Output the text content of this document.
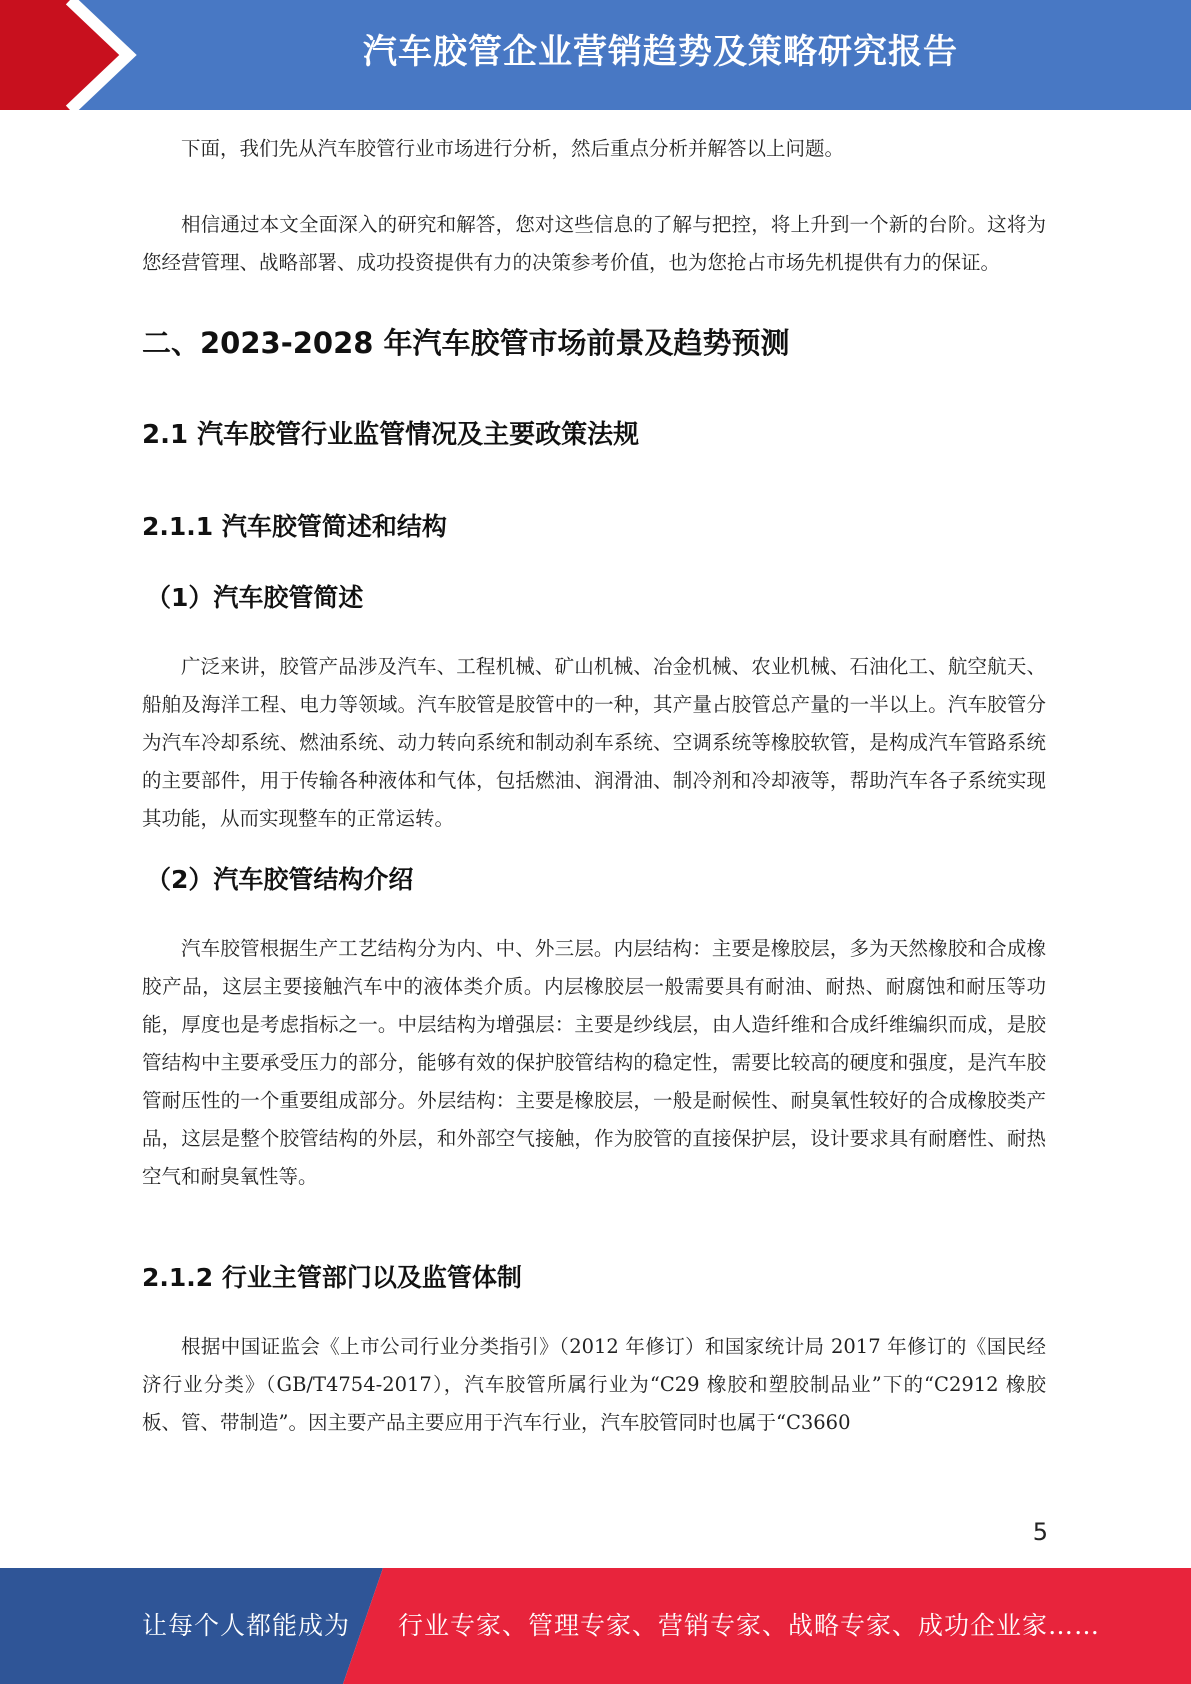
汽车胶管企业营销趋势及策略研究报告

下面，我们先从汽车胶管行业市场进行分析，然后重点分析并解答以上问题。

相信通过本文全面深入的研究和解答，您对这些信息的了解与把控，将上升到一个新的台阶。这将为您经营管理、战略部署、成功投资提供有力的决策参考价值，也为您抢占市场先机提供有力的保证。

二、2023-2028 年汽车胶管市场前景及趋势预测
2.1 汽车胶管行业监管情况及主要政策法规
2.1.1 汽车胶管简述和结构
（1）汽车胶管简述

广泛来讲，胶管产品涉及汽车、工程机械、矿山机械、冶金机械、农业机械、石油化工、航空航天、船舶及海洋工程、电力等领域。汽车胶管是胶管中的一种，其产量占胶管总产量的一半以上。汽车胶管分为汽车冷却系统、燃油系统、动力转向系统和制动刹车系统、空调系统等橡胶软管，是构成汽车管路系统的主要部件，用于传输各种液体和气体，包括燃油、润滑油、制冷剂和冷却液等，帮助汽车各子系统实现其功能，从而实现整车的正常运转。

（2）汽车胶管结构介绍

汽车胶管根据生产工艺结构分为内、中、外三层。内层结构：主要是橡胶层，多为天然橡胶和合成橡胶产品，这层主要接触汽车中的液体类介质。内层橡胶层一般需要具有耐油、耐热、耐腐蚀和耐压等功能，厚度也是考虑指标之一。中层结构为增强层：主要是纱线层，由人造纤维和合成纤维编织而成，是胶管结构中主要承受压力的部分，能够有效的保护胶管结构的稳定性，需要比较高的硬度和强度，是汽车胶管耐压性的一个重要组成部分。外层结构：主要是橡胶层，一般是耐候性、耐臭氧性较好的合成橡胶类产品，这层是整个胶管结构的外层，和外部空气接触，作为胶管的直接保护层，设计要求具有耐磨性、耐热空气和耐臭氧性等。

2.1.2 行业主管部门以及监管体制

根据中国证监会《上市公司行业分类指引》（2012 年修订）和国家统计局 2017 年修订的《国民经济行业分类》（GB/T4754-2017），汽车胶管所属行业为“C29 橡胶和塑胶制品业”下的“C2912 橡胶板、管、带制造”。因主要产品主要应用于汽车行业，汽车胶管同时也属于“C3660

5
让每个人都能成为 行业专家、管理专家、营销专家、战略专家、成功企业家……
